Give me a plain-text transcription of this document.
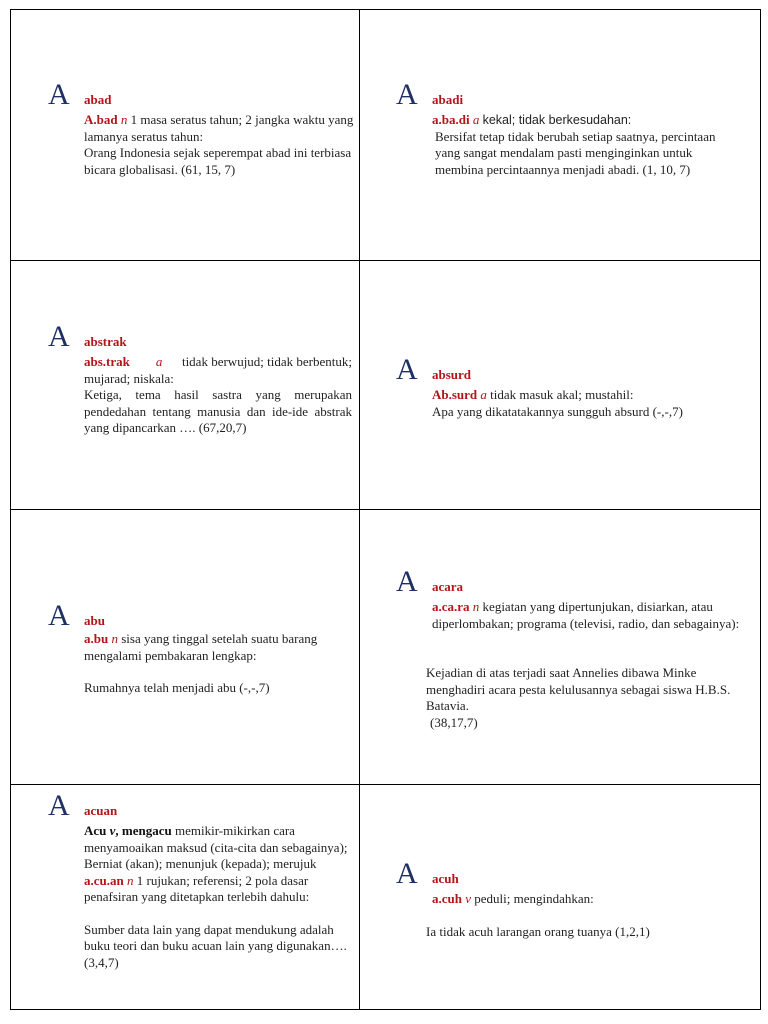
A abad

A.bad n 1 masa seratus tahun; 2 jangka waktu yang lamanya seratus tahun:

Orang Indonesia sejak seperempat abad ini terbiasa bicara globalisasi. (61, 15, 7)

A abadi

a.ba.di a kekal; tidak berkesudahan:

Bersifat tetap tidak berubah setiap saatnya, percintaan yang sangat mendalam pasti menginginkan untuk membina percintaannya menjadi abadi. (1, 10, 7)

A abstrak

abs.trak a tidak berwujud; tidak berbentuk; mujarad; niskala:

Ketiga, tema hasil sastra yang merupakan pendedahan tentang manusia dan ide-ide abstrak yang dipancarkan …. (67,20,7)

A absurd

Ab.surd a tidak masuk akal; mustahil:

Apa yang dikatatakannya sungguh absurd (-,-,7)

A abu

a.bu n sisa yang tinggal setelah suatu barang mengalami pembakaran lengkap:

Rumahnya telah menjadi abu (-,-,7)

A acara

a.ca.ra n kegiatan yang dipertunjukan, disiarkan, atau diperlombakan; programa (televisi, radio, dan sebagainya):

Kejadian di atas terjadi saat Annelies dibawa Minke menghadiri acara pesta kelulusannya sebagai siswa H.B.S. Batavia.

(38,17,7)

A acuan

Acu v, mengacu memikir-mikirkan cara menyamoaikan maksud (cita-cita dan sebagainya); Berniat (akan); menunjuk (kepada); merujuk

a.cu.an n 1 rujukan; referensi; 2 pola dasar penafsiran yang ditetapkan terlebih dahulu:

Sumber data lain yang dapat mendukung adalah buku teori dan buku acuan lain yang digunakan…. (3,4,7)

A acuh

a.cuh v peduli; mengindahkan:

Ia tidak acuh larangan orang tuanya (1,2,1)
